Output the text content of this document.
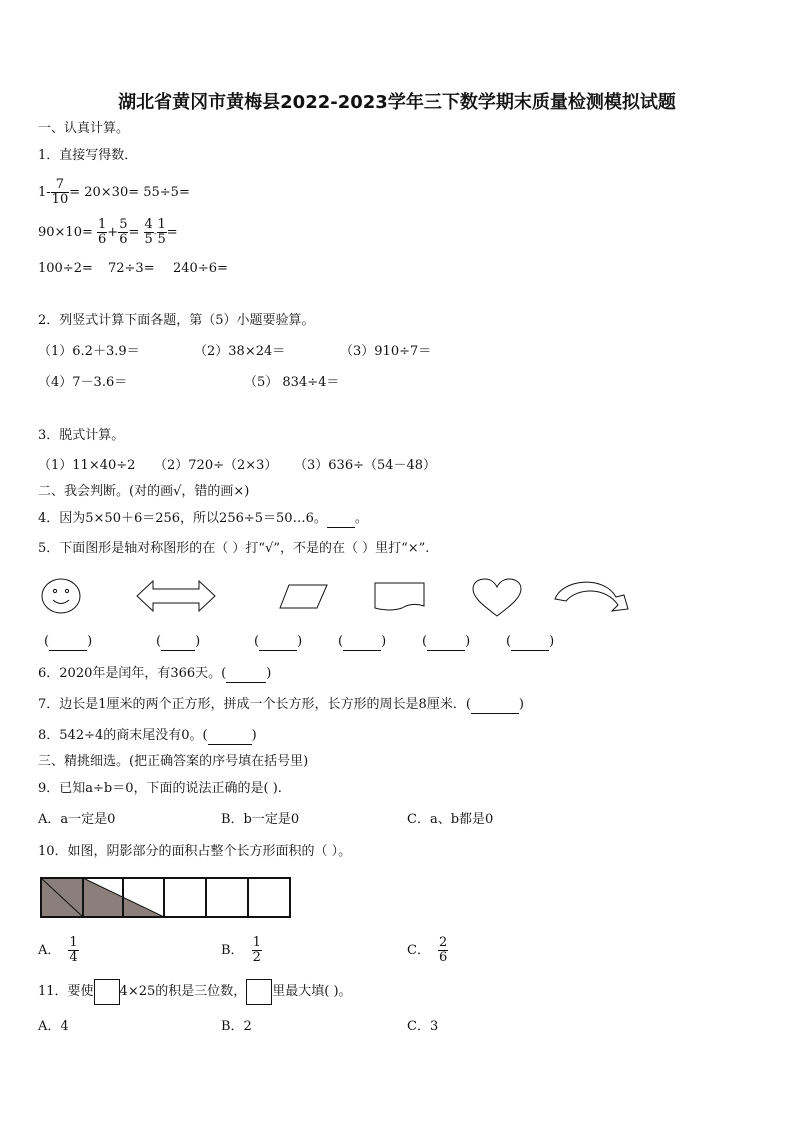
湖北省黄冈市黄梅县2022-2023学年三下数学期末质量检测模拟试题
一、认真计算。
1．直接写得数．
$1- \frac{7}{10} = 20\times 30= 55\div 5=$
$90\times 10= \frac{1}{6} + \frac{5}{6} = \frac{4}{5} - \frac{1}{5}$ =
100÷2= 72÷3= 240÷6=
2．列竖式计算下面各题，第（5）小题要验算。
（1）6.2＋3.9＝	（2）38×24＝	（3）910÷7＝
（4）7－3.6＝	（5） 834÷4＝
3．脱式计算。
（1）11×40÷2 （2）720÷（2×3） （3）636÷（54－48）
二、我会判断。(对的画√，错的画×)
4．因为5×50＋6＝256，所以256÷5＝50…6。 。
5．下面图形是轴对称图形的在（ ）打“√”，不是的在（ ）里打“×”.
(	)	(	)	(	)	(	)	(	)	(	)
6．2020年是闰年，有366天。(	)
7．边长是1厘米的两个正方形，拼成一个长方形，长方形的周长是8厘米．(	)
8．542÷4的商末尾没有0。(	)
三、精挑细选。(把正确答案的序号填在括号里)
9．已知a÷b＝0，下面的说法正确的是( ).
A．a一定是0	B．b一定是0	C．a、b都是0
10．如图，阴影部分的面积占整个长方形面积的（ ）。
A． $\frac{1}{4}$	B． $\frac{1}{2}$	C． $\frac{2}{6}$
11．要使 4×25的积是三位数， 里最大填( )。
A．4	B．2	C．3
